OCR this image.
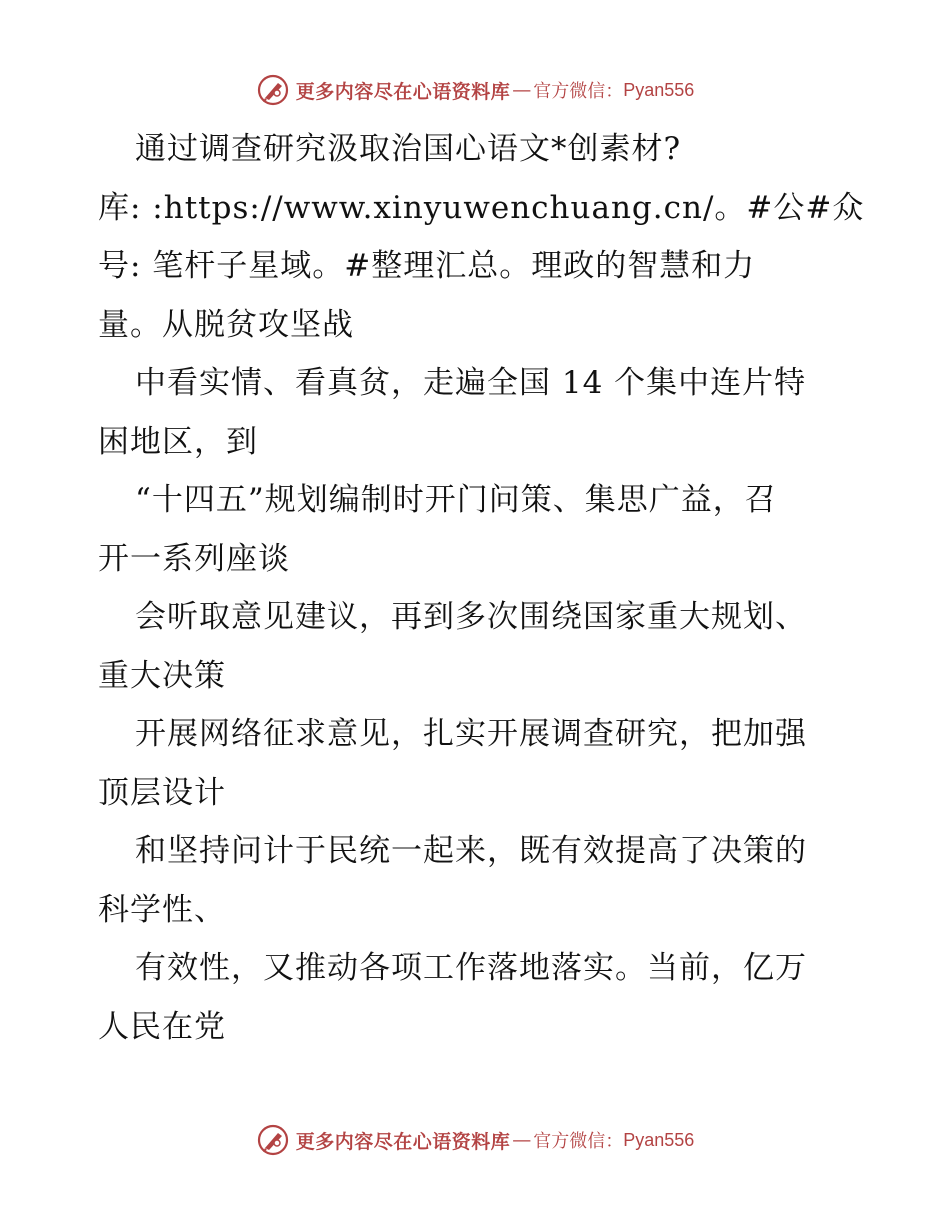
更多内容尽在心语资料库 — 官方微信： Pyan556
通过调查研究汲取治国心语文*创素材?
库: :https://www.xinyuwenchuang.cn/。#公#众
号: 笔杆子星域。#整理汇总。理政的智慧和力
量。从脱贫攻坚战
中看实情、看真贫，走遍全国 14 个集中连片特
困地区，到
“十四五”规划编制时开门问策、集思广益，召
开一系列座谈
会听取意见建议，再到多次围绕国家重大规划、
重大决策
开展网络征求意见，扎实开展调查研究，把加强
顶层设计
和坚持问计于民统一起来，既有效提高了决策的
科学性、
有效性，又推动各项工作落地落实。当前，亿万
人民在党
更多内容尽在心语资料库 — 官方微信： Pyan556
